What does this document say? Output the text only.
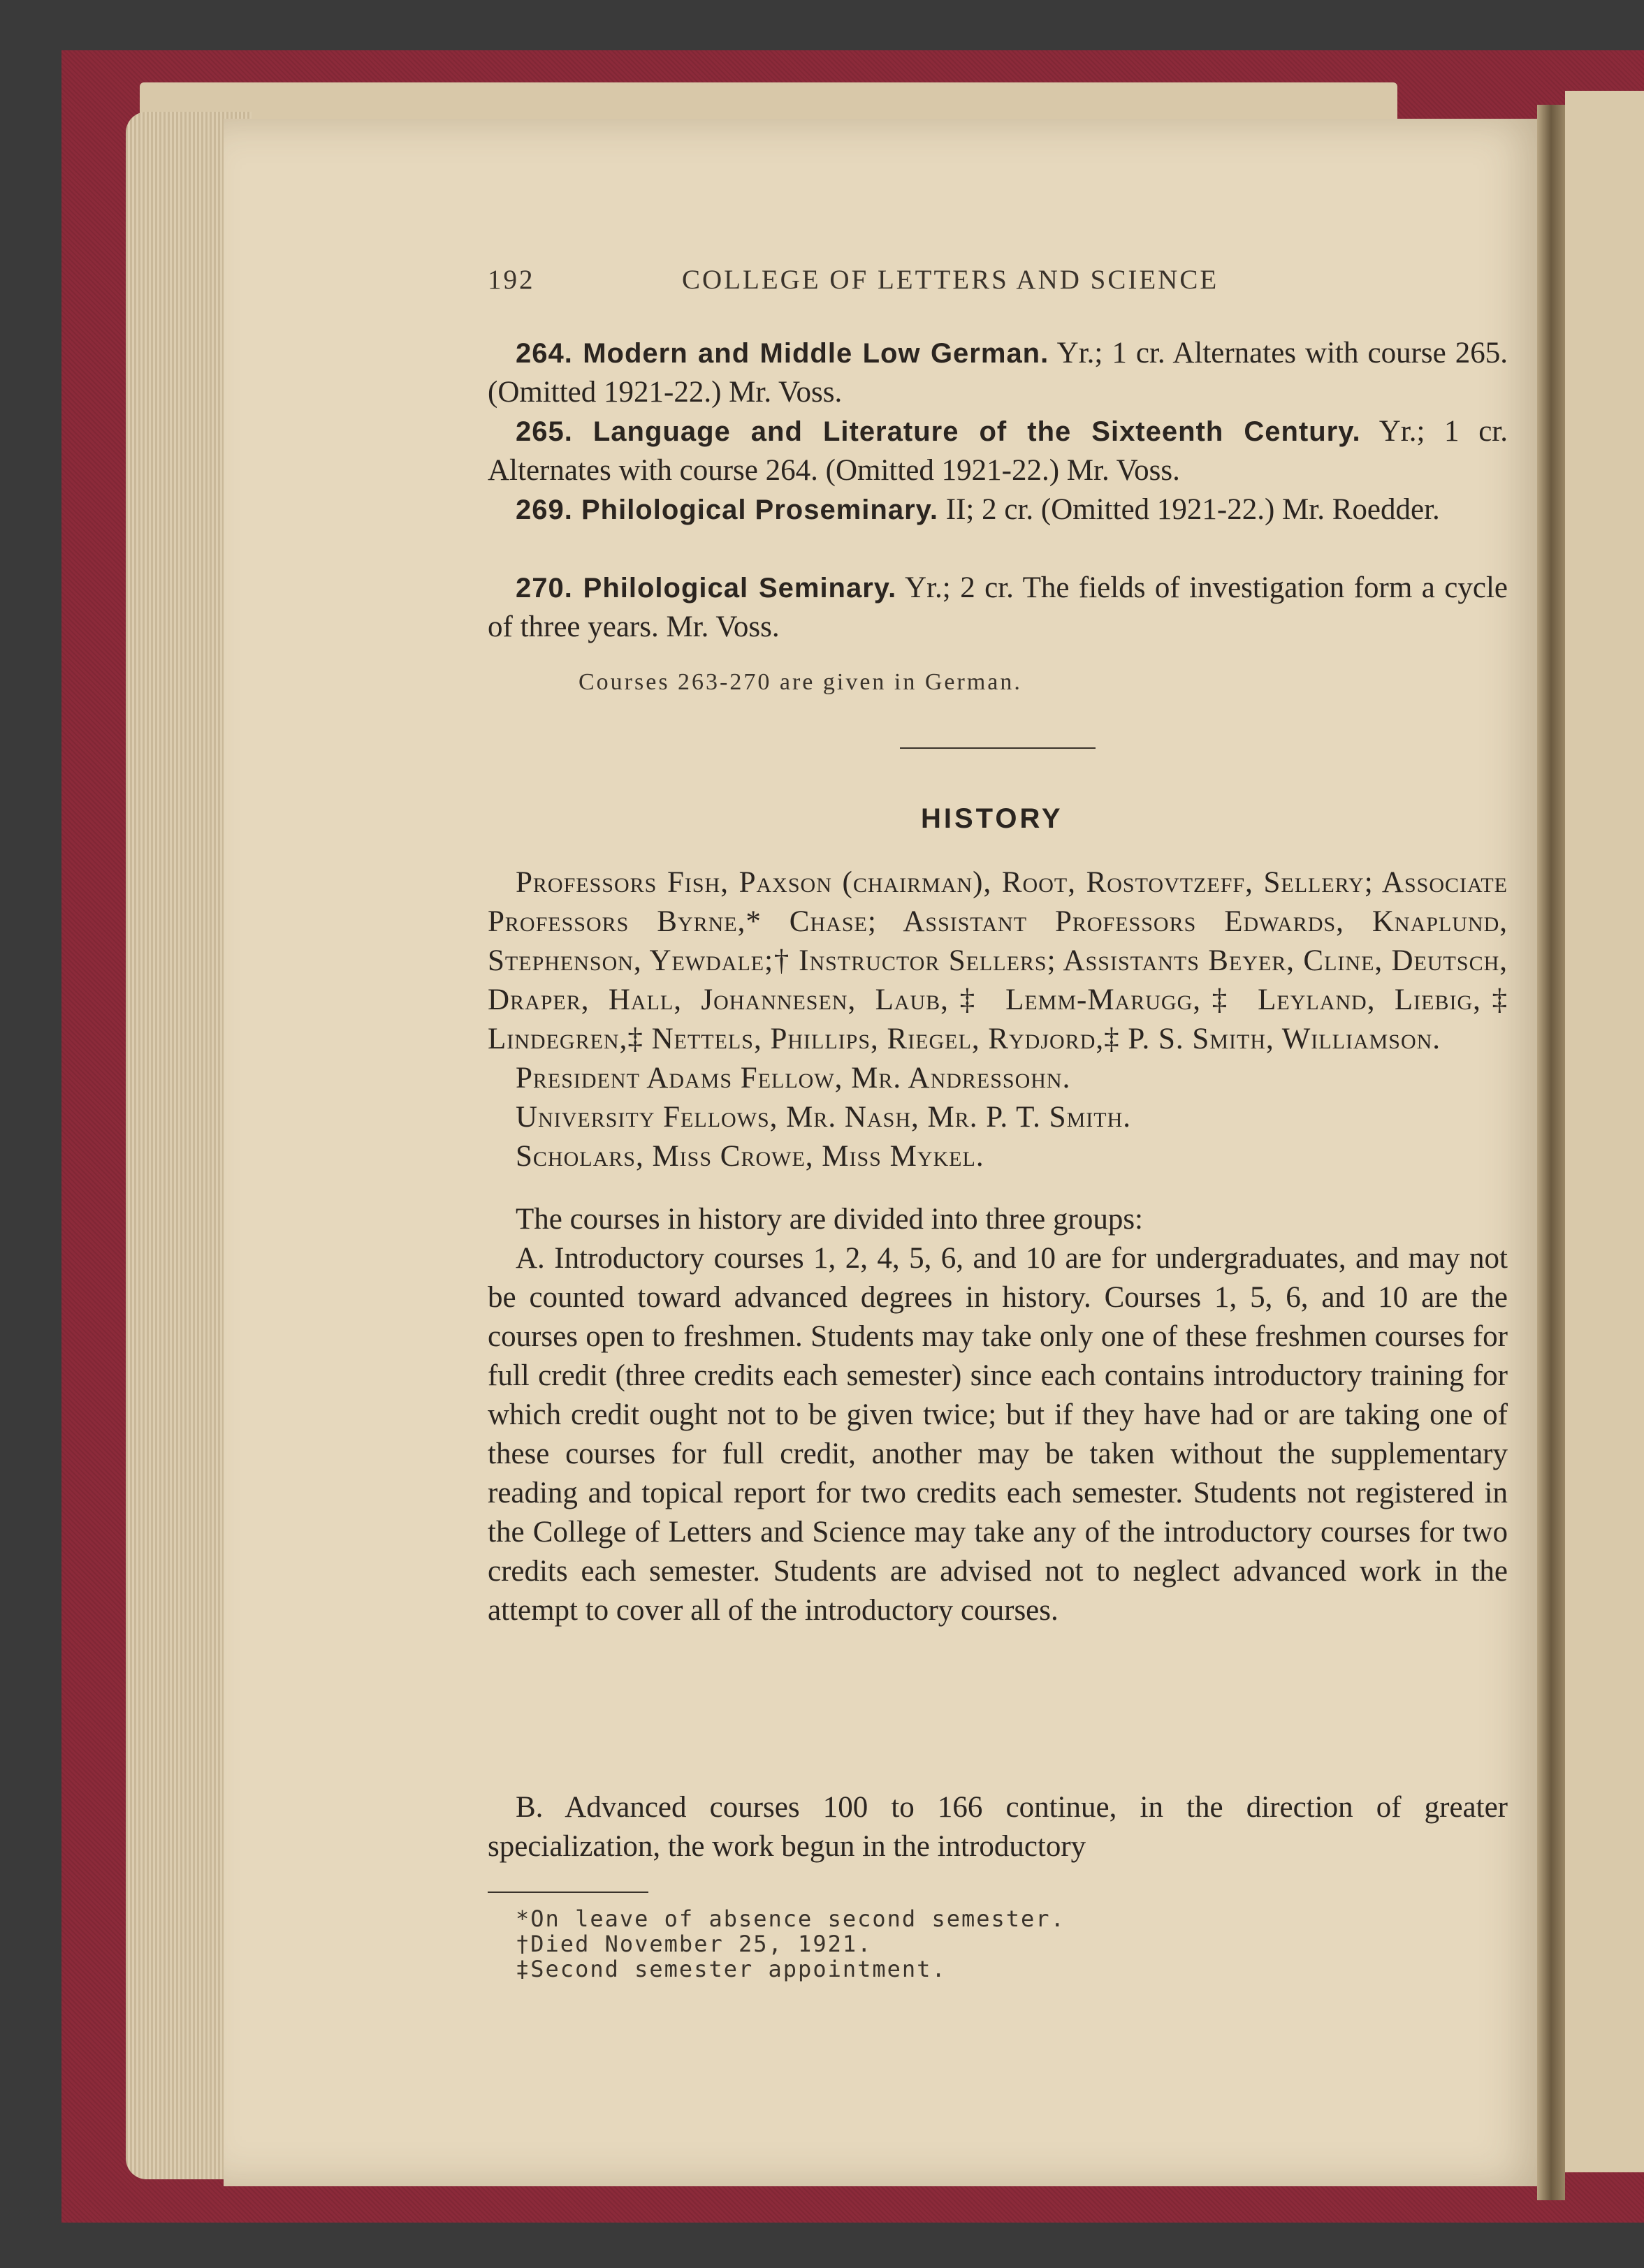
192	COLLEGE OF LETTERS AND SCIENCE
264. Modern and Middle Low German. Yr.; 1 cr. Alternates with course 265. (Omitted 1921-22.) Mr. Voss.
265. Language and Literature of the Sixteenth Century. Yr.; 1 cr. Alternates with course 264. (Omitted 1921-22.) Mr. Voss.
269. Philological Proseminary. II; 2 cr. (Omitted 1921-22.) Mr. Roedder.
270. Philological Seminary. Yr.; 2 cr. The fields of investigation form a cycle of three years. Mr. Voss.
Courses 263-270 are given in German.
HISTORY
Professors Fish, Paxson (chairman), Root, Rostovtzeff, Sellery; Associate Professors Byrne,* Chase; Assistant Professors Edwards, Knaplund, Stephenson, Yewdale;† Instructor Sellers; Assistants Beyer, Cline, Deutsch, Draper, Hall, Johannesen, Laub,‡ Lemm-Marugg,‡ Leyland, Liebig,‡ Lindegren,‡ Nettels, Phillips, Riegel, Rydjord,‡ P. S. Smith, Williamson.
President Adams Fellow, Mr. Andressohn.
University Fellows, Mr. Nash, Mr. P. T. Smith.
Scholars, Miss Crowe, Miss Mykel.
The courses in history are divided into three groups:
A. Introductory courses 1, 2, 4, 5, 6, and 10 are for undergraduates, and may not be counted toward advanced degrees in history. Courses 1, 5, 6, and 10 are the courses open to freshmen. Students may take only one of these freshmen courses for full credit (three credits each semester) since each contains introductory training for which credit ought not to be given twice; but if they have had or are taking one of these courses for full credit, another may be taken without the supplementary reading and topical report for two credits each semester. Students not registered in the College of Letters and Science may take any of the introductory courses for two credits each semester. Students are advised not to neglect advanced work in the attempt to cover all of the introductory courses.
B. Advanced courses 100 to 166 continue, in the direction of greater specialization, the work begun in the introductory
*On leave of absence second semester.
†Died November 25, 1921.
‡Second semester appointment.
